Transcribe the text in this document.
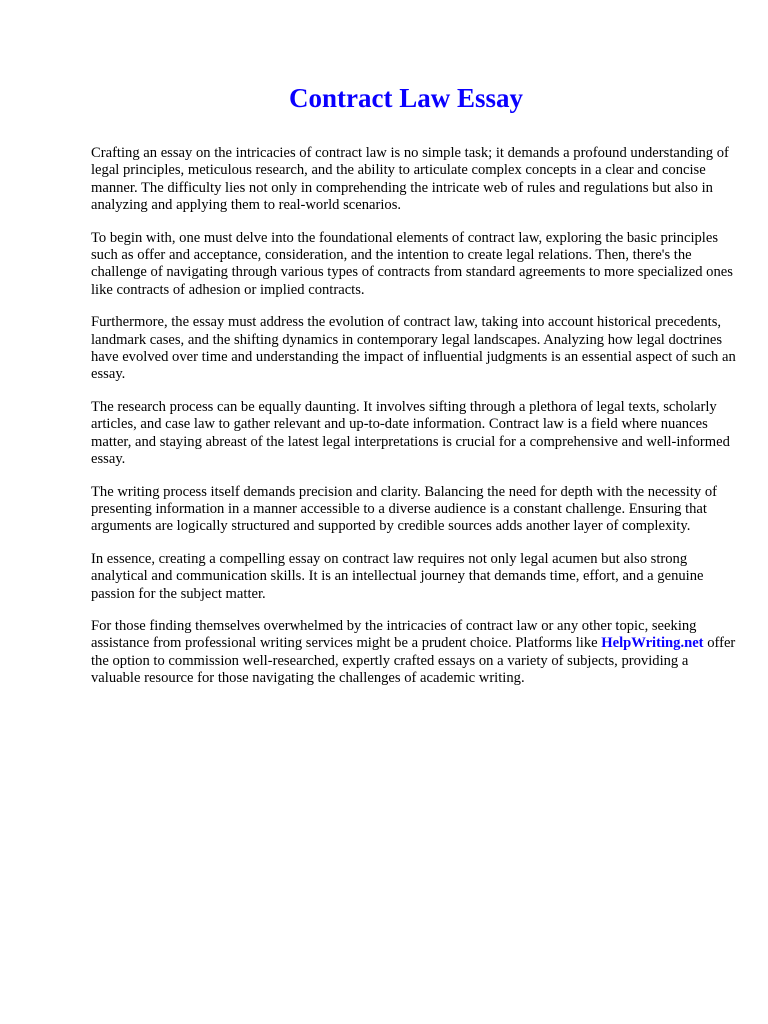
Contract Law Essay

Crafting an essay on the intricacies of contract law is no simple task; it demands a profound understanding of legal principles, meticulous research, and the ability to articulate complex concepts in a clear and concise manner. The difficulty lies not only in comprehending the intricate web of rules and regulations but also in analyzing and applying them to real-world scenarios.

To begin with, one must delve into the foundational elements of contract law, exploring the basic principles such as offer and acceptance, consideration, and the intention to create legal relations. Then, there's the challenge of navigating through various types of contracts from standard agreements to more specialized ones like contracts of adhesion or implied contracts.

Furthermore, the essay must address the evolution of contract law, taking into account historical precedents, landmark cases, and the shifting dynamics in contemporary legal landscapes. Analyzing how legal doctrines have evolved over time and understanding the impact of influential judgments is an essential aspect of such an essay.

The research process can be equally daunting. It involves sifting through a plethora of legal texts, scholarly articles, and case law to gather relevant and up-to-date information. Contract law is a field where nuances matter, and staying abreast of the latest legal interpretations is crucial for a comprehensive and well-informed essay.

The writing process itself demands precision and clarity. Balancing the need for depth with the necessity of presenting information in a manner accessible to a diverse audience is a constant challenge. Ensuring that arguments are logically structured and supported by credible sources adds another layer of complexity.

In essence, creating a compelling essay on contract law requires not only legal acumen but also strong analytical and communication skills. It is an intellectual journey that demands time, effort, and a genuine passion for the subject matter.

For those finding themselves overwhelmed by the intricacies of contract law or any other topic, seeking assistance from professional writing services might be a prudent choice. Platforms like HelpWriting.net offer the option to commission well-researched, expertly crafted essays on a variety of subjects, providing a valuable resource for those navigating the challenges of academic writing.
